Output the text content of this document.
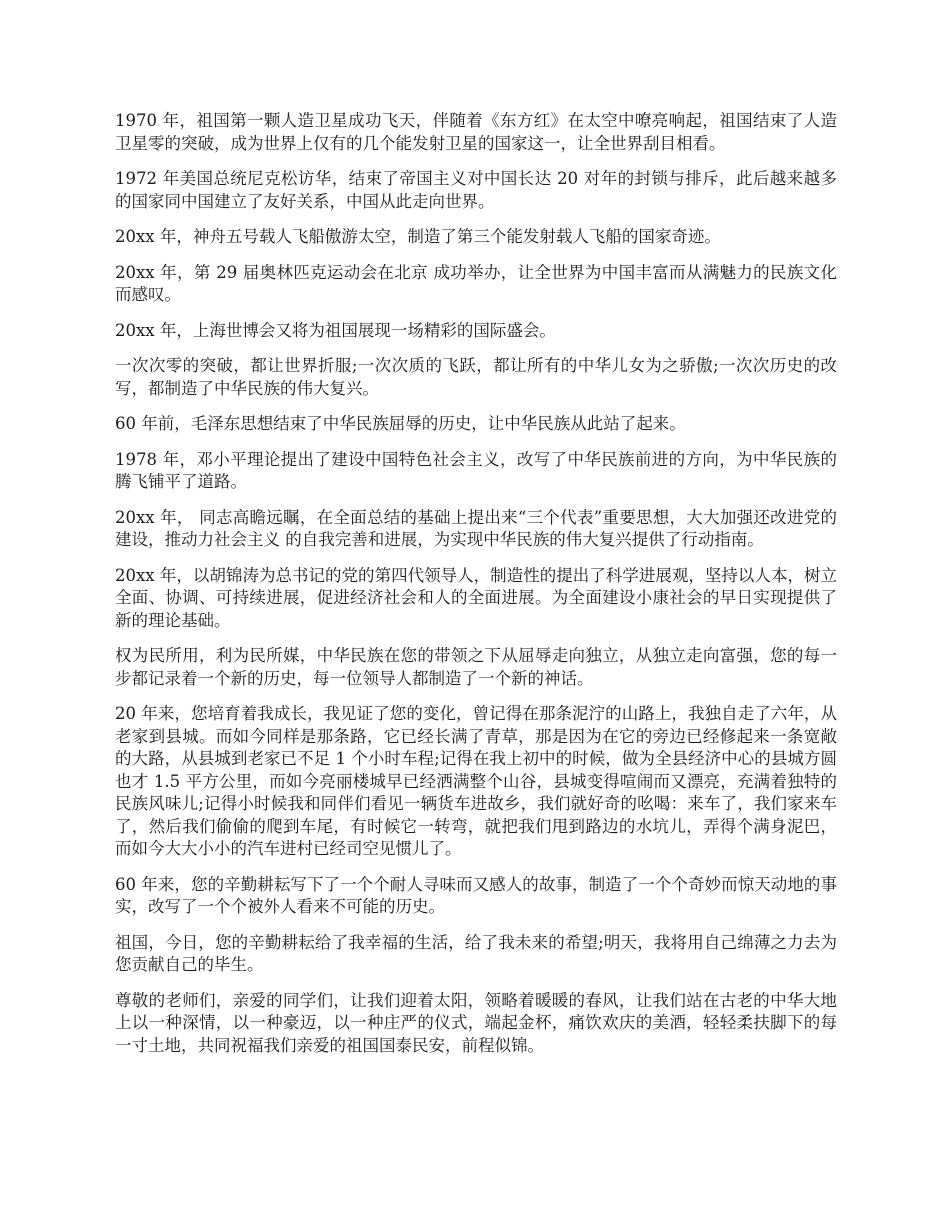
1970 年，祖国第一颗人造卫星成功飞天，伴随着《东方红》在太空中嘹亮响起，祖国结束了人造卫星零的突破，成为世界上仅有的几个能发射卫星的国家这一，让全世界刮目相看。

1972 年美国总统尼克松访华，结束了帝国主义对中国长达 20 对年的封锁与排斥，此后越来越多的国家同中国建立了友好关系，中国从此走向世界。

20xx 年，神舟五号载人飞船傲游太空，制造了第三个能发射载人飞船的国家奇迹。

20xx 年，第 29 届奥林匹克运动会在北京 成功举办，让全世界为中国丰富而从满魅力的民族文化而感叹。

20xx 年，上海世博会又将为祖国展现一场精彩的国际盛会。

一次次零的突破，都让世界折服;一次次质的飞跃，都让所有的中华儿女为之骄傲;一次次历史的改写，都制造了中华民族的伟大复兴。

60 年前，毛泽东思想结束了中华民族屈辱的历史，让中华民族从此站了起来。

1978 年，邓小平理论提出了建设中国特色社会主义，改写了中华民族前进的方向，为中华民族的腾飞铺平了道路。

20xx 年， 同志高瞻远瞩，在全面总结的基础上提出来“三个代表”重要思想，大大加强还改进党的建设，推动力社会主义 的自我完善和进展，为实现中华民族的伟大复兴提供了行动指南。

20xx 年，以胡锦涛为总书记的党的第四代领导人，制造性的提出了科学进展观，坚持以人本，树立全面、协调、可持续进展，促进经济社会和人的全面进展。为全面建设小康社会的早日实现提供了新的理论基础。

权为民所用，利为民所媒，中华民族在您的带领之下从屈辱走向独立，从独立走向富强，您的每一步都记录着一个新的历史，每一位领导人都制造了一个新的神话。

20 年来，您培育着我成长，我见证了您的变化，曾记得在那条泥泞的山路上，我独自走了六年，从老家到县城。而如今同样是那条路，它已经长满了青草，那是因为在它的旁边已经修起来一条宽敞的大路，从县城到老家已不足 1 个小时车程;记得在我上初中的时候，做为全县经济中心的县城方圆也才 1.5 平方公里，而如今亮丽楼城早已经洒满整个山谷，县城变得喧闹而又漂亮，充满着独特的民族风味儿;记得小时候我和同伴们看见一辆货车进故乡，我们就好奇的吆喝：来车了，我们家来车了，然后我们偷偷的爬到车尾，有时候它一转弯，就把我们甩到路边的水坑儿，弄得个满身泥巴，而如今大大小小的汽车进村已经司空见惯儿了。

60 年来，您的辛勤耕耘写下了一个个耐人寻味而又感人的故事，制造了一个个奇妙而惊天动地的事实，改写了一个个被外人看来不可能的历史。

祖国，今日，您的辛勤耕耘给了我幸福的生活，给了我未来的希望;明天，我将用自己绵薄之力去为您贡献自己的毕生。

尊敬的老师们，亲爱的同学们，让我们迎着太阳，领略着暖暖的春风，让我们站在古老的中华大地上以一种深情，以一种豪迈，以一种庄严的仪式，端起金杯，痛饮欢庆的美酒，轻轻柔扶脚下的每一寸土地，共同祝福我们亲爱的祖国国泰民安，前程似锦。
